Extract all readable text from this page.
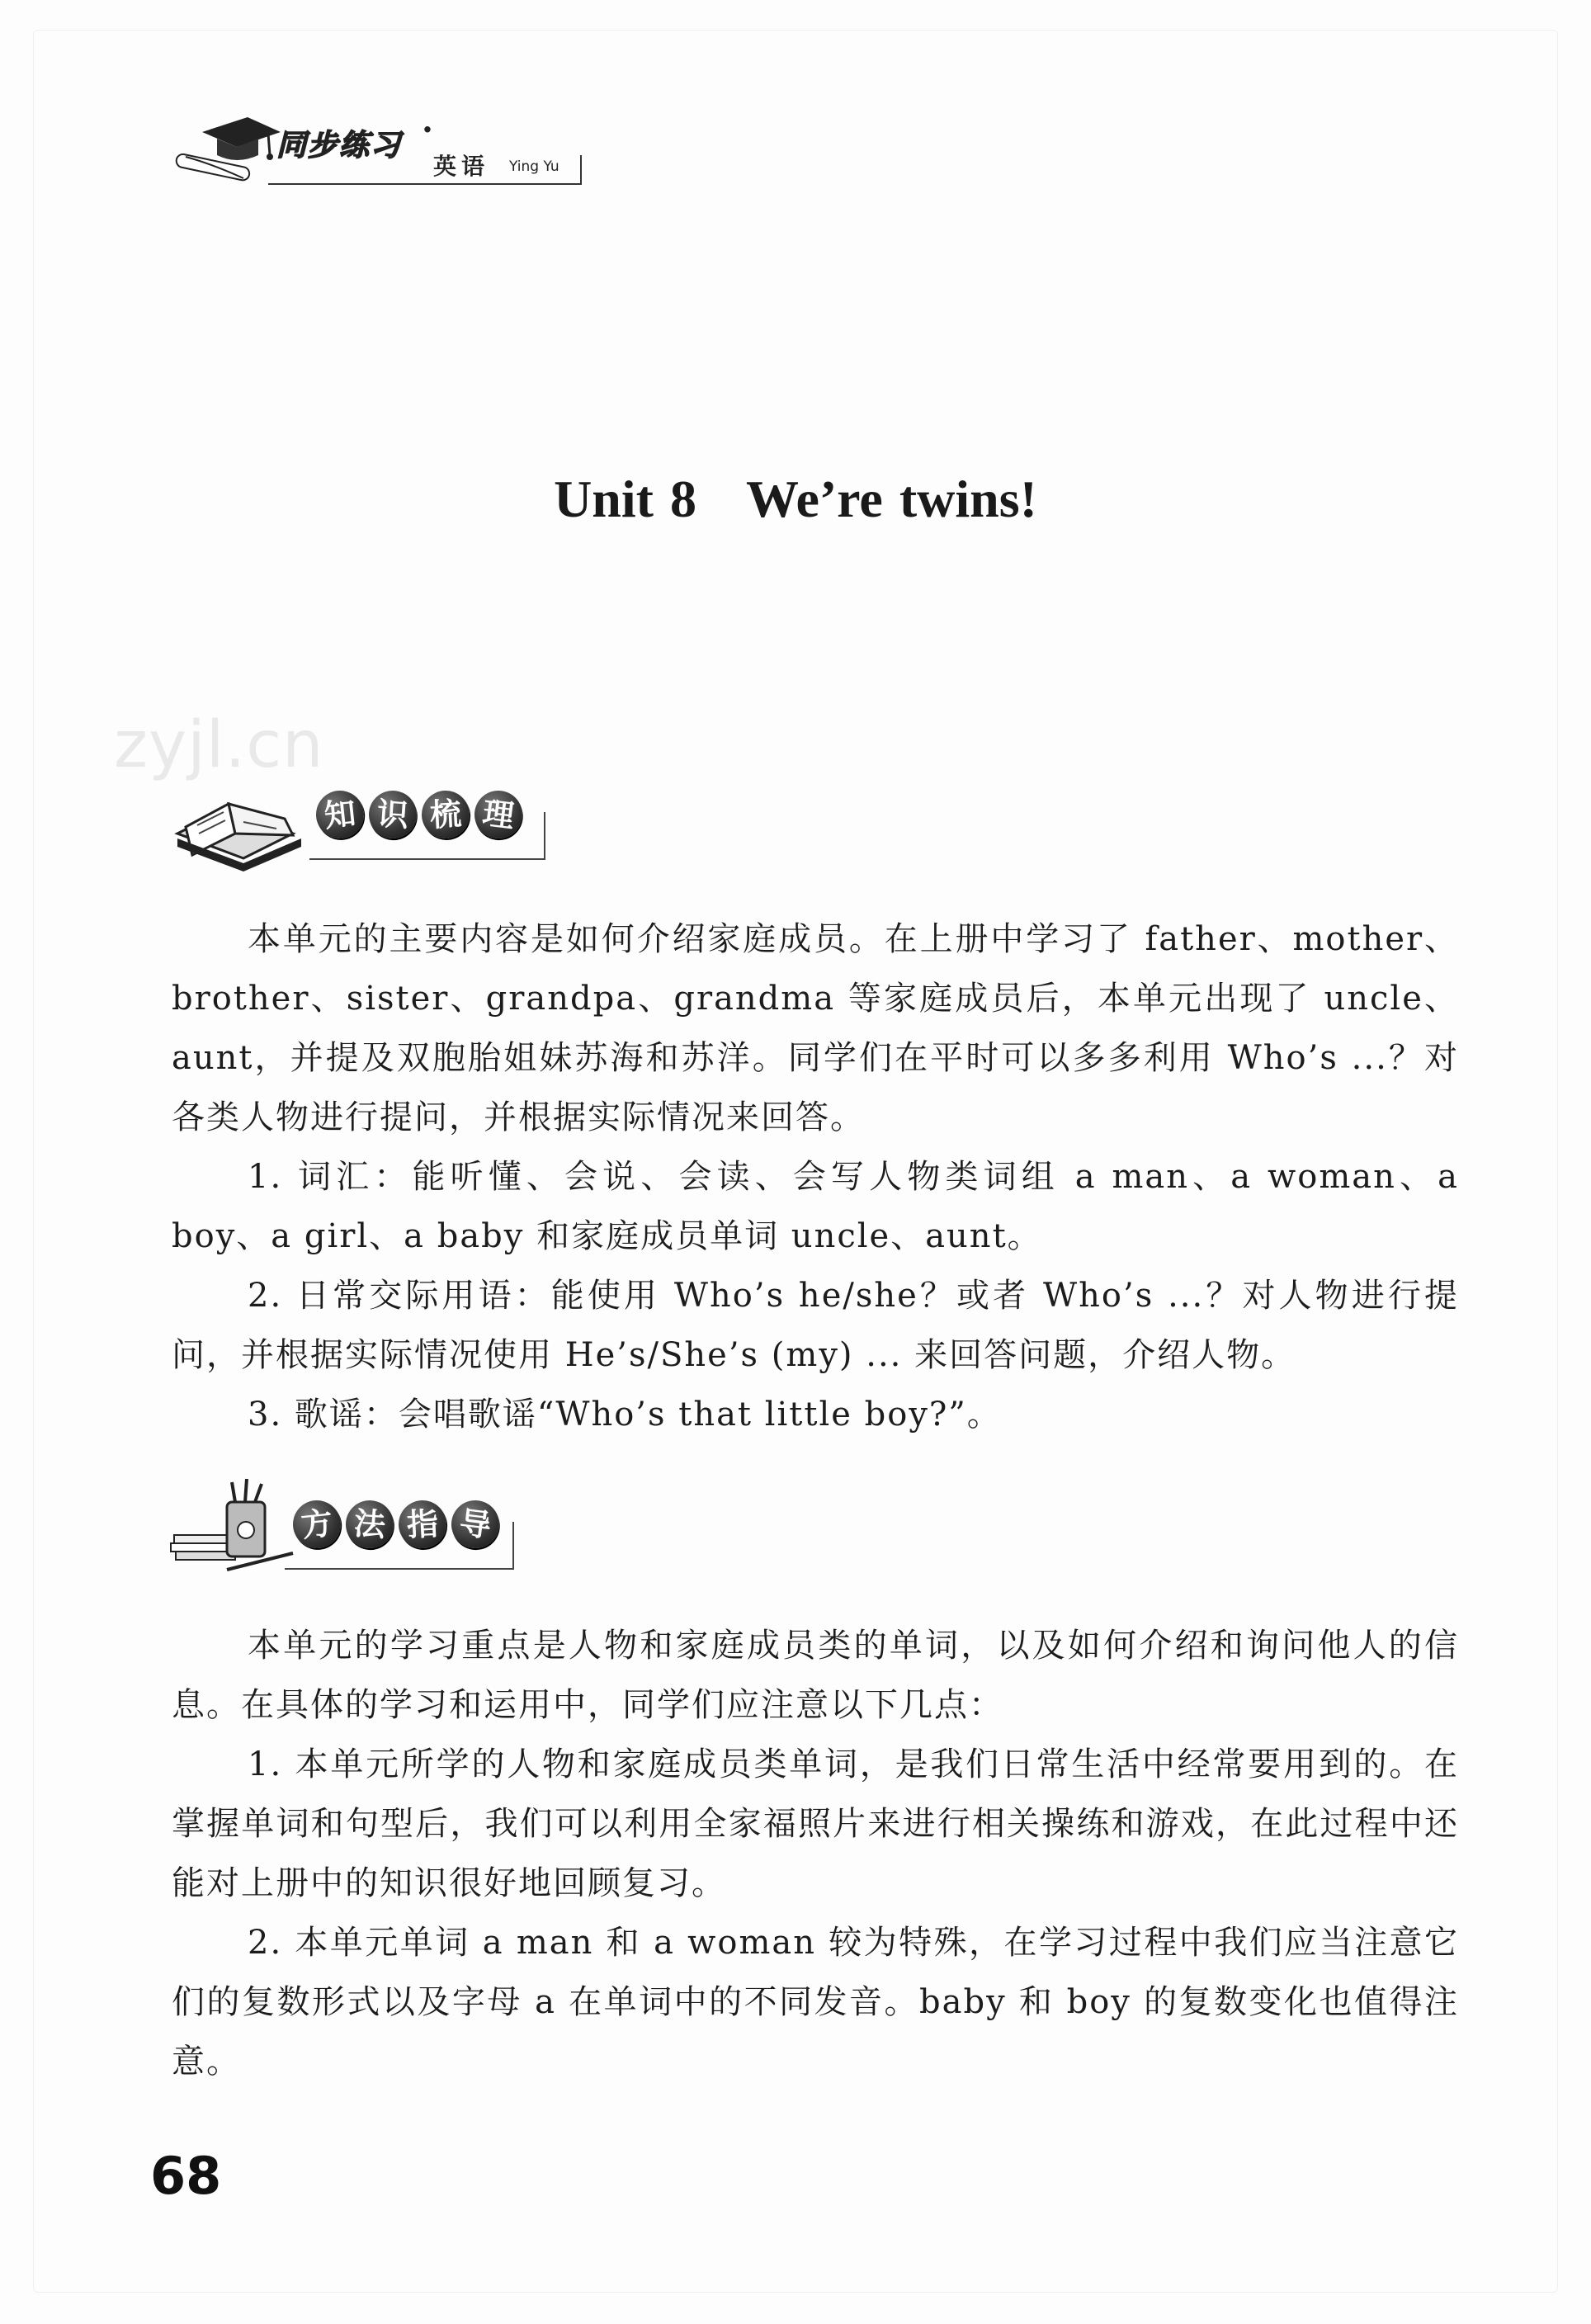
同步练习 ·
英语 Ying Yu
Unit 8 We’re twins!
zyjl.cn
知 识 梳 理

本单元的主要内容是如何介绍家庭成员。在上册中学习了 father、mother、brother、sister、grandpa、grandma 等家庭成员后，本单元出现了 uncle、aunt，并提及双胞胎姐妹苏海和苏洋。同学们在平时可以多多利用 Who’s ...？对各类人物进行提问，并根据实际情况来回答。

1. 词汇：能听懂、会说、会读、会写人物类词组 a man、a woman、a boy、a girl、a baby 和家庭成员单词 uncle、aunt。

2. 日常交际用语：能使用 Who’s he/she？或者 Who’s ...？对人物进行提问，并根据实际情况使用 He’s/She’s (my) ... 来回答问题，介绍人物。

3. 歌谣：会唱歌谣“Who’s that little boy?”。

方 法 指 导

本单元的学习重点是人物和家庭成员类的单词，以及如何介绍和询问他人的信息。在具体的学习和运用中，同学们应注意以下几点：

1. 本单元所学的人物和家庭成员类单词，是我们日常生活中经常要用到的。在掌握单词和句型后，我们可以利用全家福照片来进行相关操练和游戏，在此过程中还能对上册中的知识很好地回顾复习。

2. 本单元单词 a man 和 a woman 较为特殊，在学习过程中我们应当注意它们的复数形式以及字母 a 在单词中的不同发音。baby 和 boy 的复数变化也值得注意。

68
